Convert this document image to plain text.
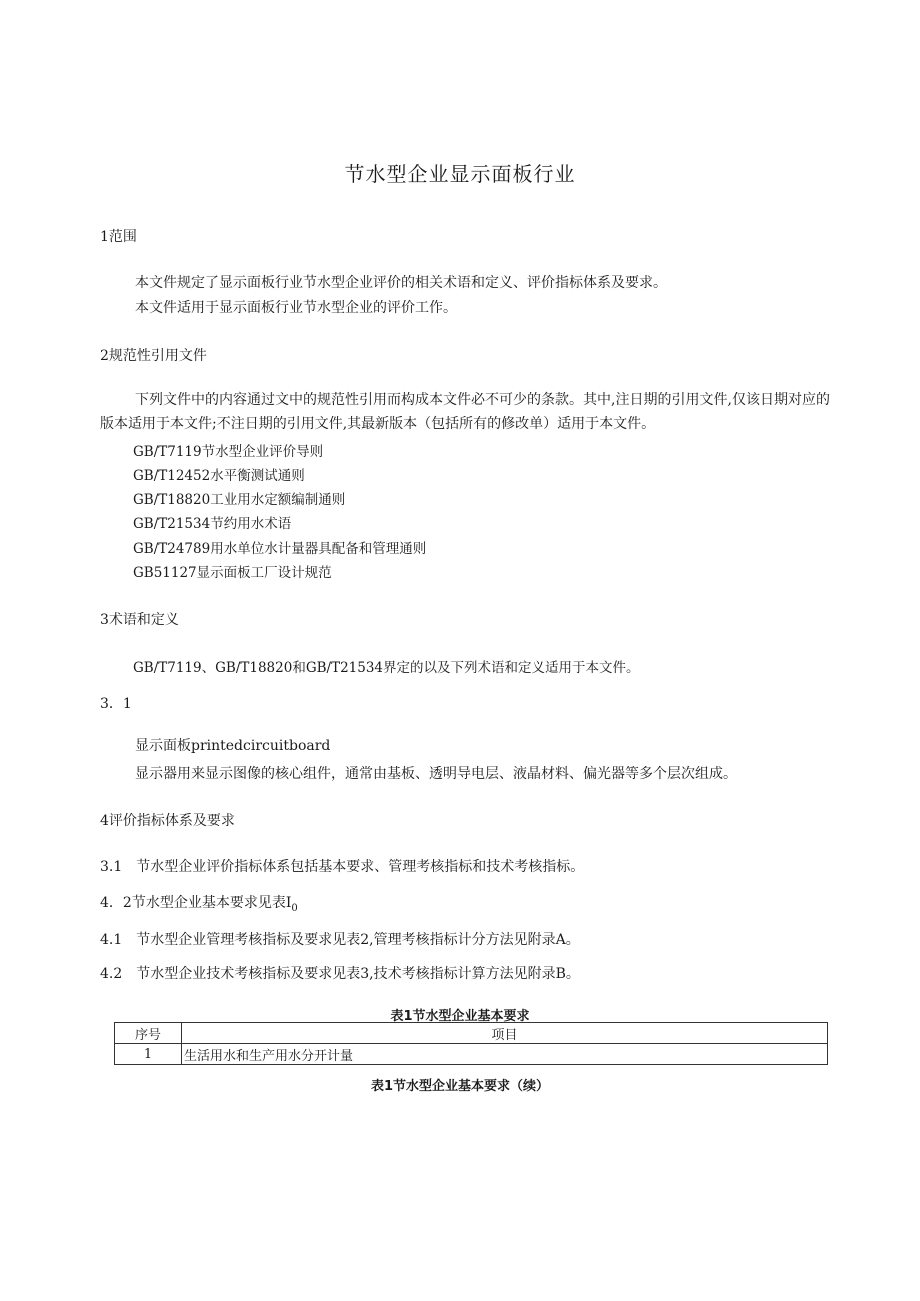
节水型企业显示面板行业
1范围
本文件规定了显示面板行业节水型企业评价的相关术语和定义、评价指标体系及要求。
本文件适用于显示面板行业节水型企业的评价工作。
2规范性引用文件
下列文件中的内容通过文中的规范性引用而构成本文件必不可少的条款。其中,注日期的引用文件,仅该日期对应的版本适用于本文件;不注日期的引用文件,其最新版本（包括所有的修改单）适用于本文件。
GB/T7119节水型企业评价导则
GB/T12452水平衡测试通则
GB/T18820工业用水定额编制通则
GB/T21534节约用水术语
GB/T24789用水单位水计量器具配备和管理通则
GB51127显示面板工厂设计规范
3术语和定义
GB/T7119、GB/T18820和GB/T21534界定的以及下列术语和定义适用于本文件。
3．1
显示面板printedcircuitboard
显示器用来显示图像的核心组件，通常由基板、透明导电层、液晶材料、偏光器等多个层次组成。
4评价指标体系及要求
3.1　节水型企业评价指标体系包括基本要求、管理考核指标和技术考核指标。
4．2节水型企业基本要求见表$I_0$
4.1　节水型企业管理考核指标及要求见表2,管理考核指标计分方法见附录A。
4.2　节水型企业技术考核指标及要求见表3,技术考核指标计算方法见附录B。
表1节水型企业基本要求
序号	项目
1	生活用水和生产用水分开计量
表1节水型企业基本要求（续）
